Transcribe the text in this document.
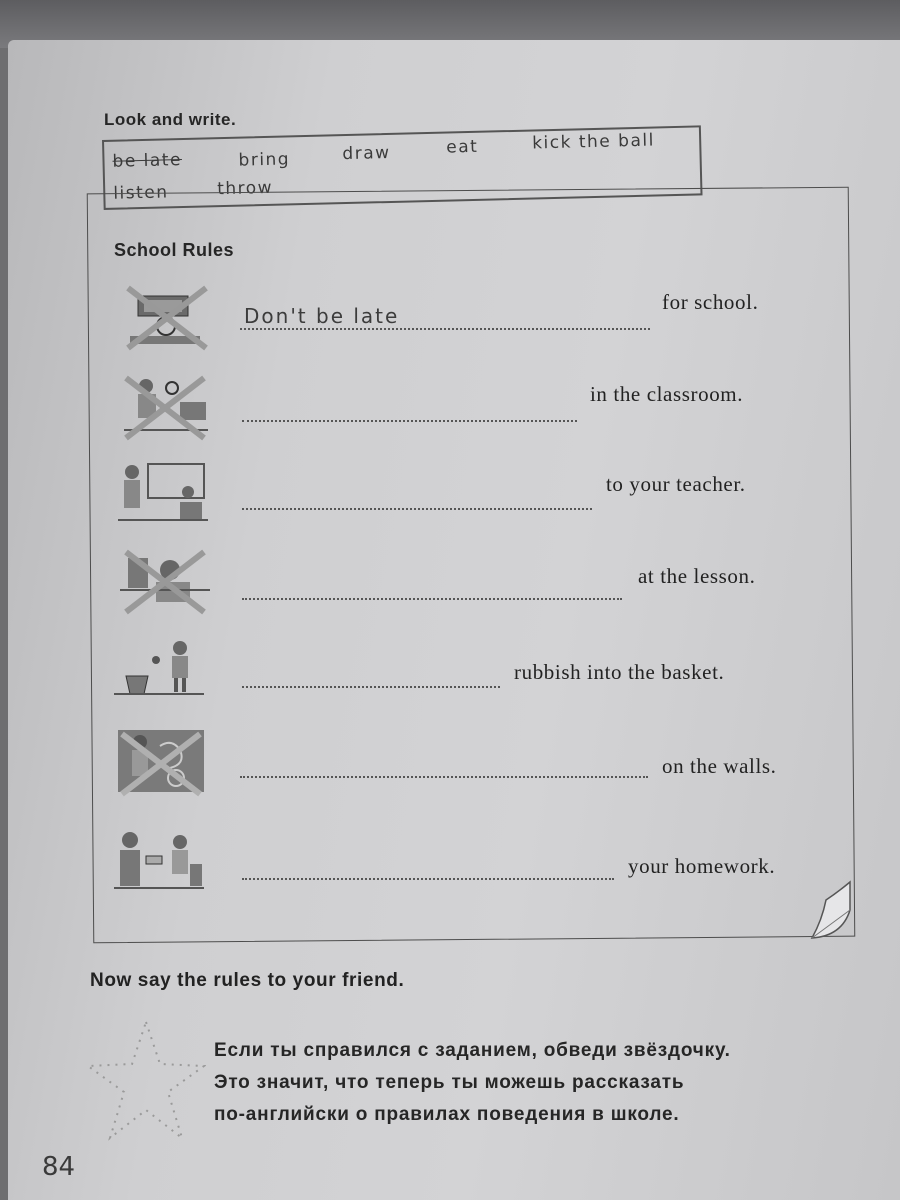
Look and write.
be late	bring	draw	eat	kick the ball
listen	throw
School Rules
Don't be late
for school.
in the classroom.
to your teacher.
at the lesson.
rubbish into the basket.
on the walls.
your homework.
Now say the rules to your friend.
Если ты справился с заданием, обведи звёздочку.
Это значит, что теперь ты можешь рассказать
по-английски о правилах поведения в школе.
84
